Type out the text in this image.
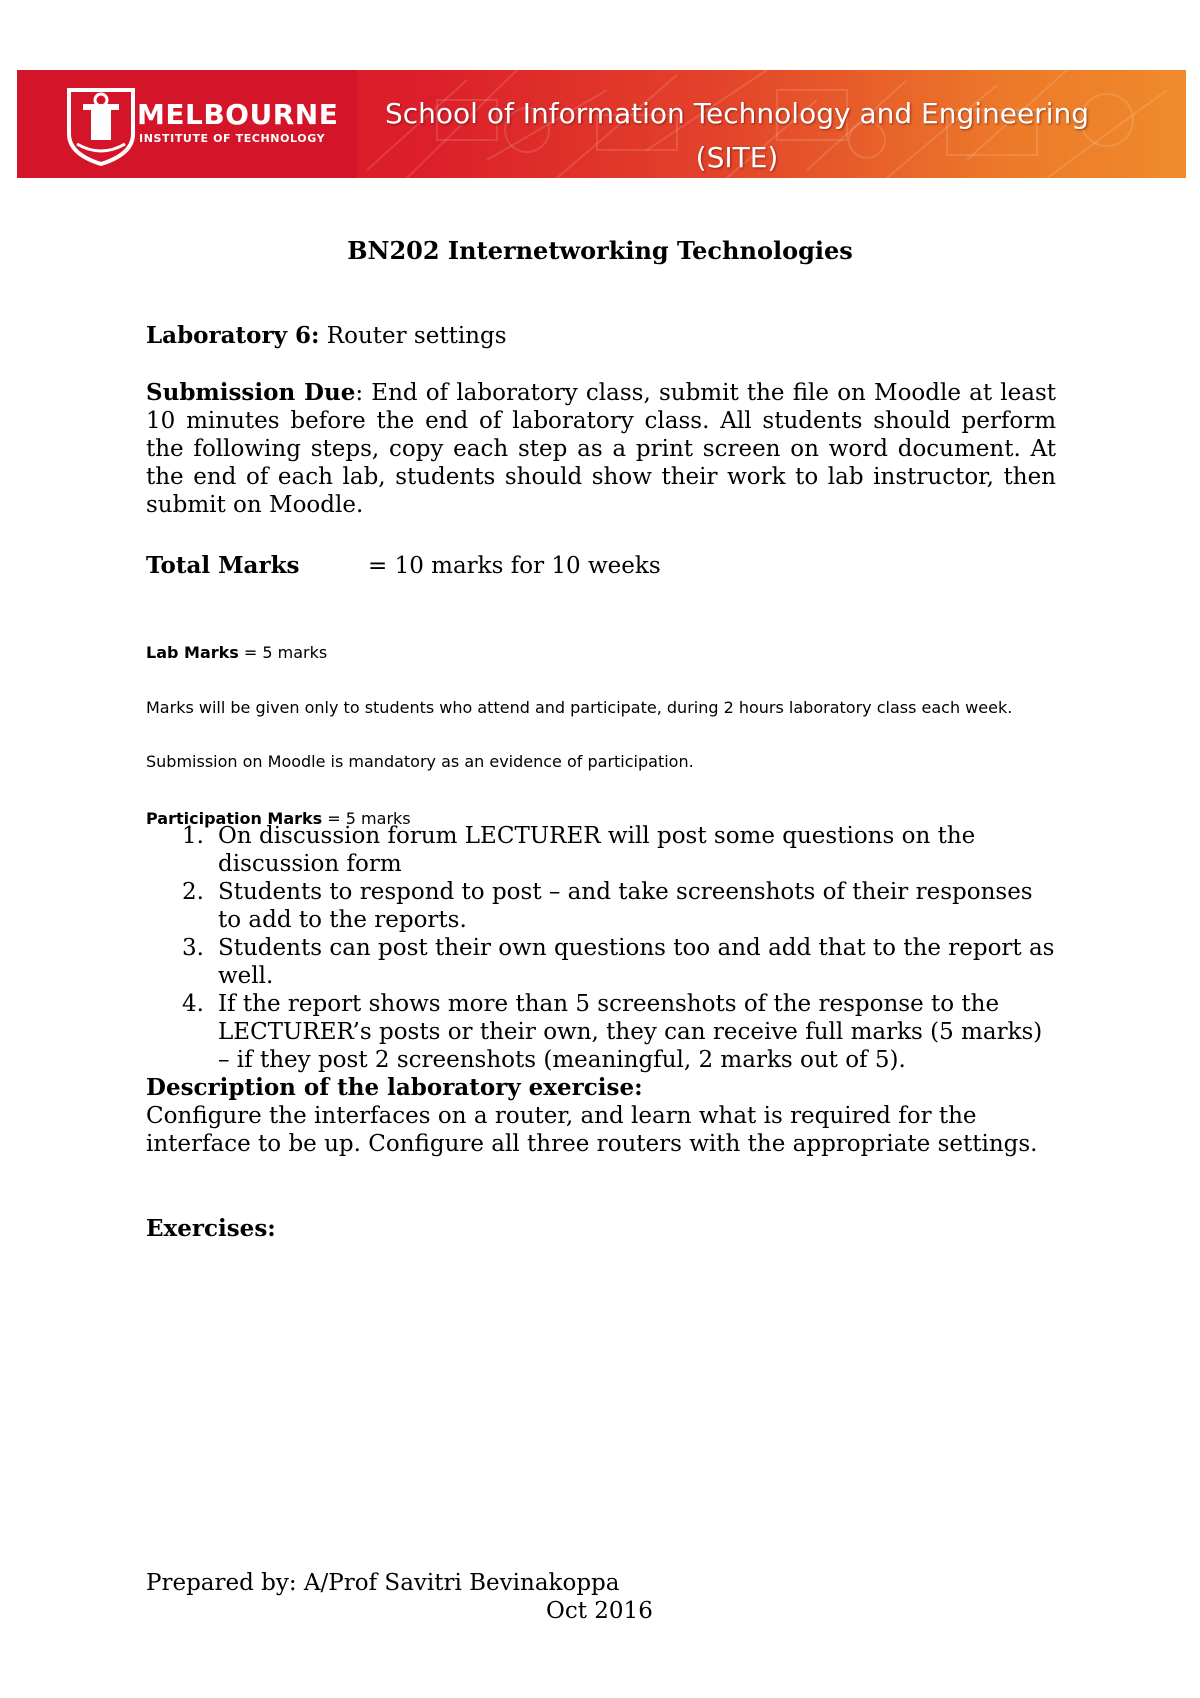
MELBOURNE
INSTITUTE OF TECHNOLOGY
School of Information Technology and Engineering
(SITE)
BN202 Internetworking Technologies
Laboratory 6: Router settings
Submission Due: End of laboratory class, submit the file on Moodle at least 10 minutes before the end of laboratory class. All students should perform the following steps, copy each step as a print screen on word document. At the end of each lab, students should show their work to lab instructor, then submit on Moodle.
Total Marks	= 10 marks for 10 weeks
Lab Marks = 5 marks
Marks will be given only to students who attend and participate, during 2 hours laboratory class each week.
Submission on Moodle is mandatory as an evidence of participation.
Participation Marks = 5 marks
1. On discussion forum LECTURER will post some questions on the discussion form
2. Students to respond to post – and take screenshots of their responses to add to the reports.
3. Students can post their own questions too and add that to the report as well.
4. If the report shows more than 5 screenshots of the response to the LECTURER’s posts or their own, they can receive full marks (5 marks) – if they post 2 screenshots (meaningful, 2 marks out of 5).
Description of the laboratory exercise:
Configure the interfaces on a router, and learn what is required for the interface to be up. Configure all three routers with the appropriate settings.
Exercises:
Prepared by: A/Prof Savitri Bevinakoppa
Oct 2016
